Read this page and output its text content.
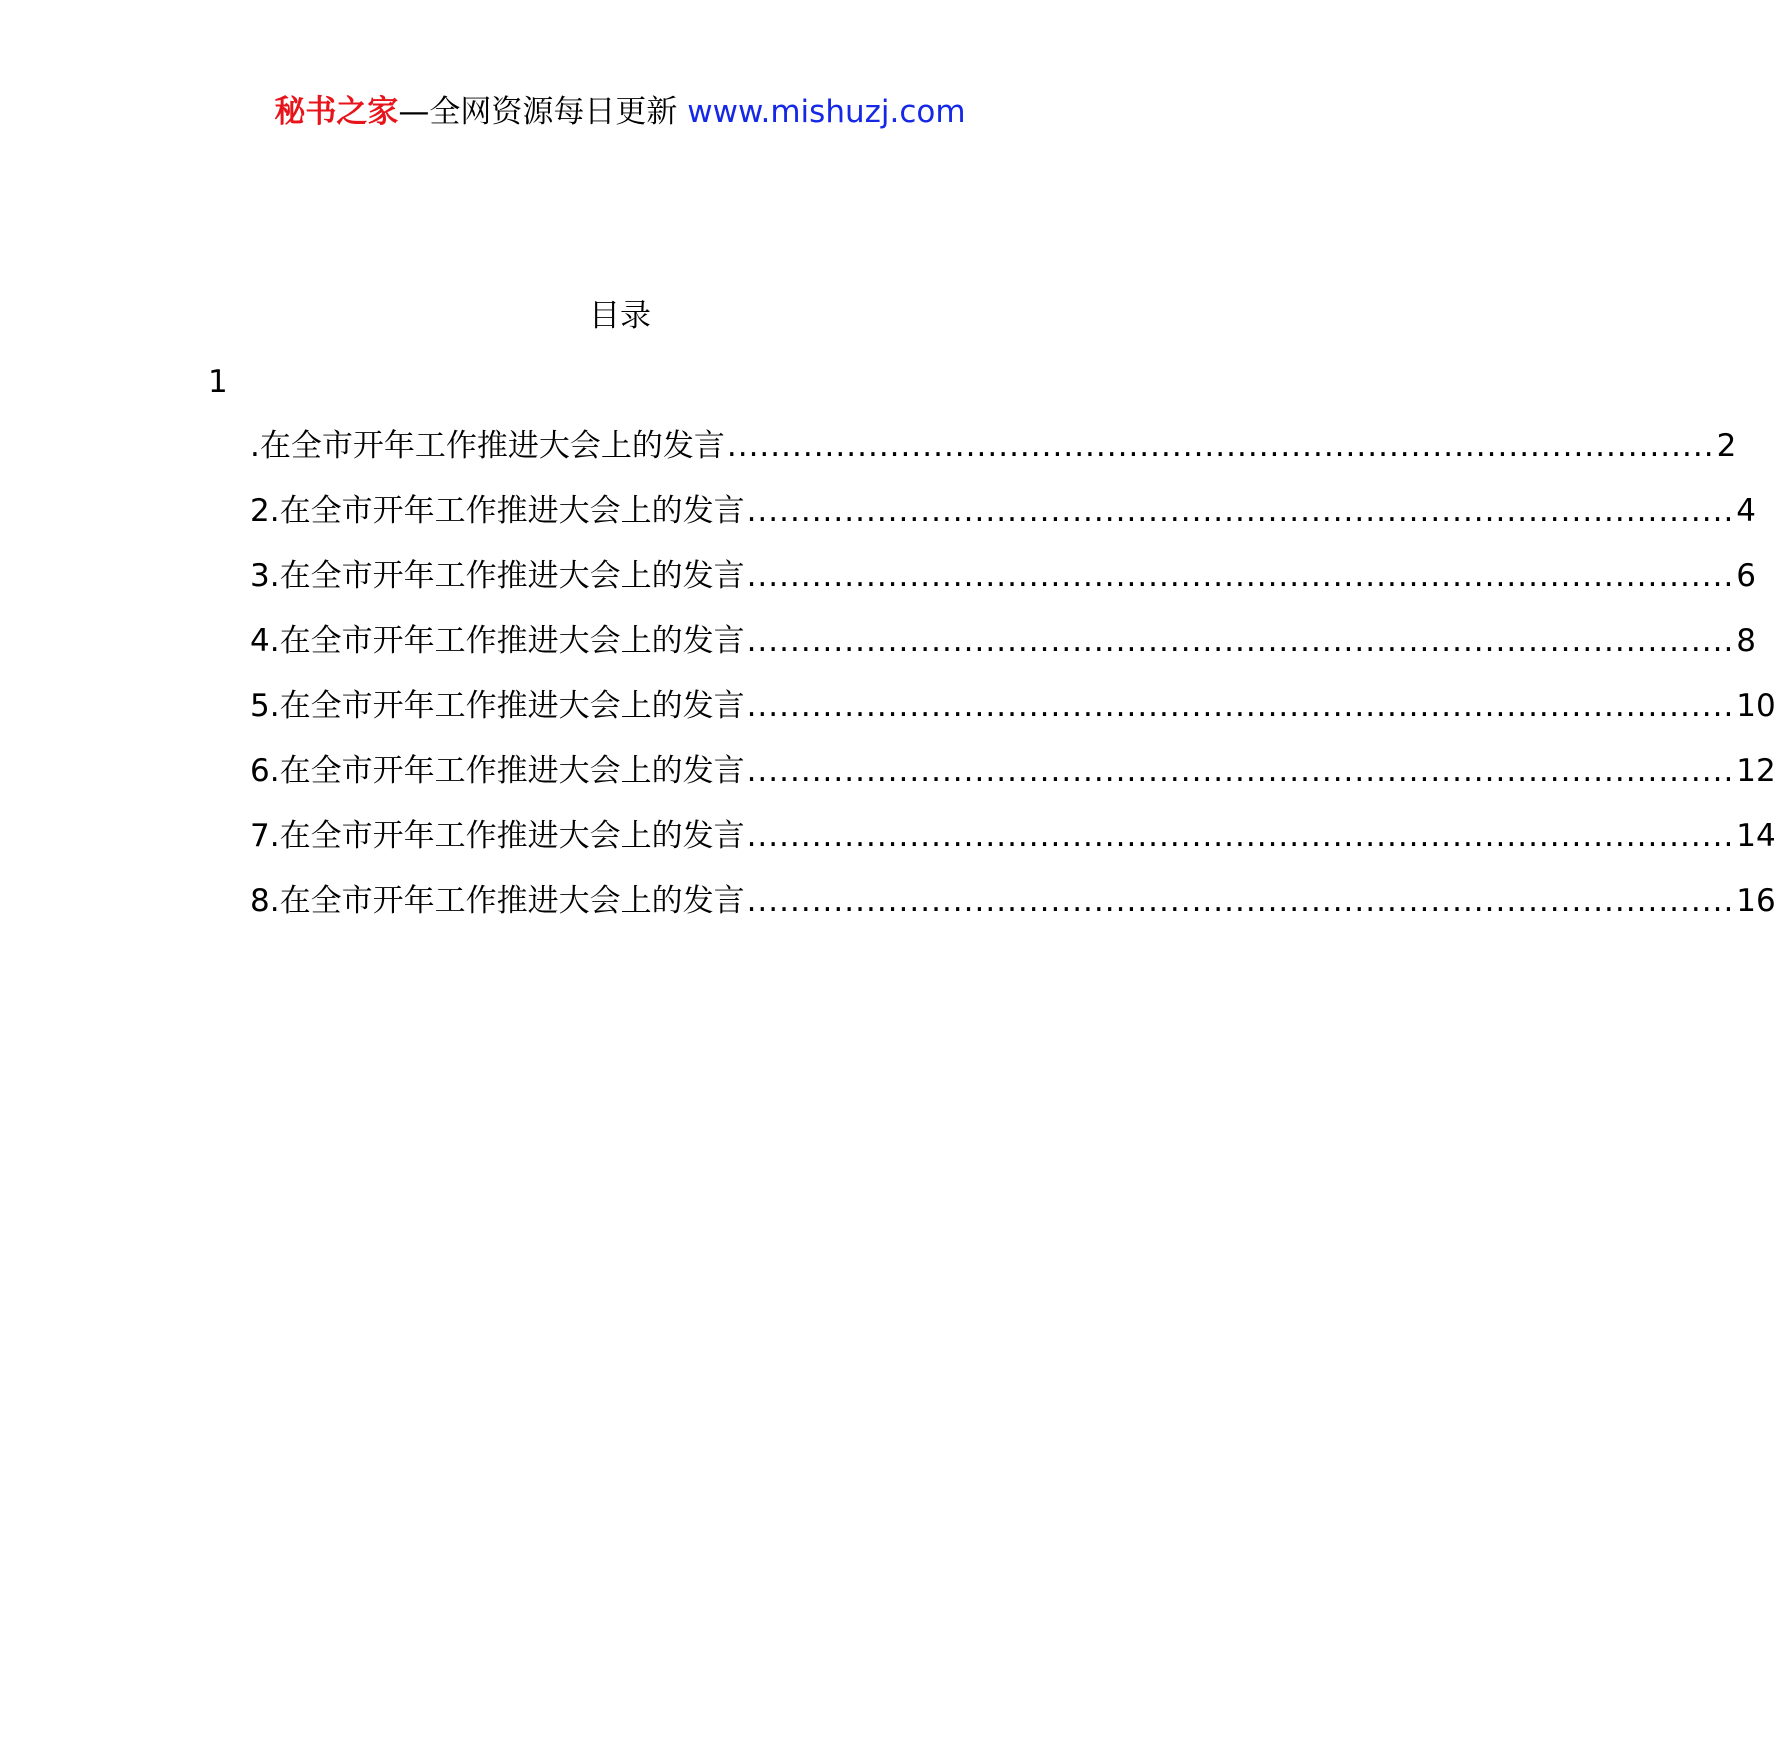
秘书之家—全网资源每日更新 www.mishuzj.com
目录
1
.在全市开年工作推进大会上的发言 ........................................................................................... 2
2.在全市开年工作推进大会上的发言 ........................................................................................... 4
3.在全市开年工作推进大会上的发言 ........................................................................................... 6
4.在全市开年工作推进大会上的发言 ........................................................................................... 8
5.在全市开年工作推进大会上的发言 ........................................................................................... 10
6.在全市开年工作推进大会上的发言 ........................................................................................... 12
7.在全市开年工作推进大会上的发言 ........................................................................................... 14
8.在全市开年工作推进大会上的发言 ........................................................................................... 16
